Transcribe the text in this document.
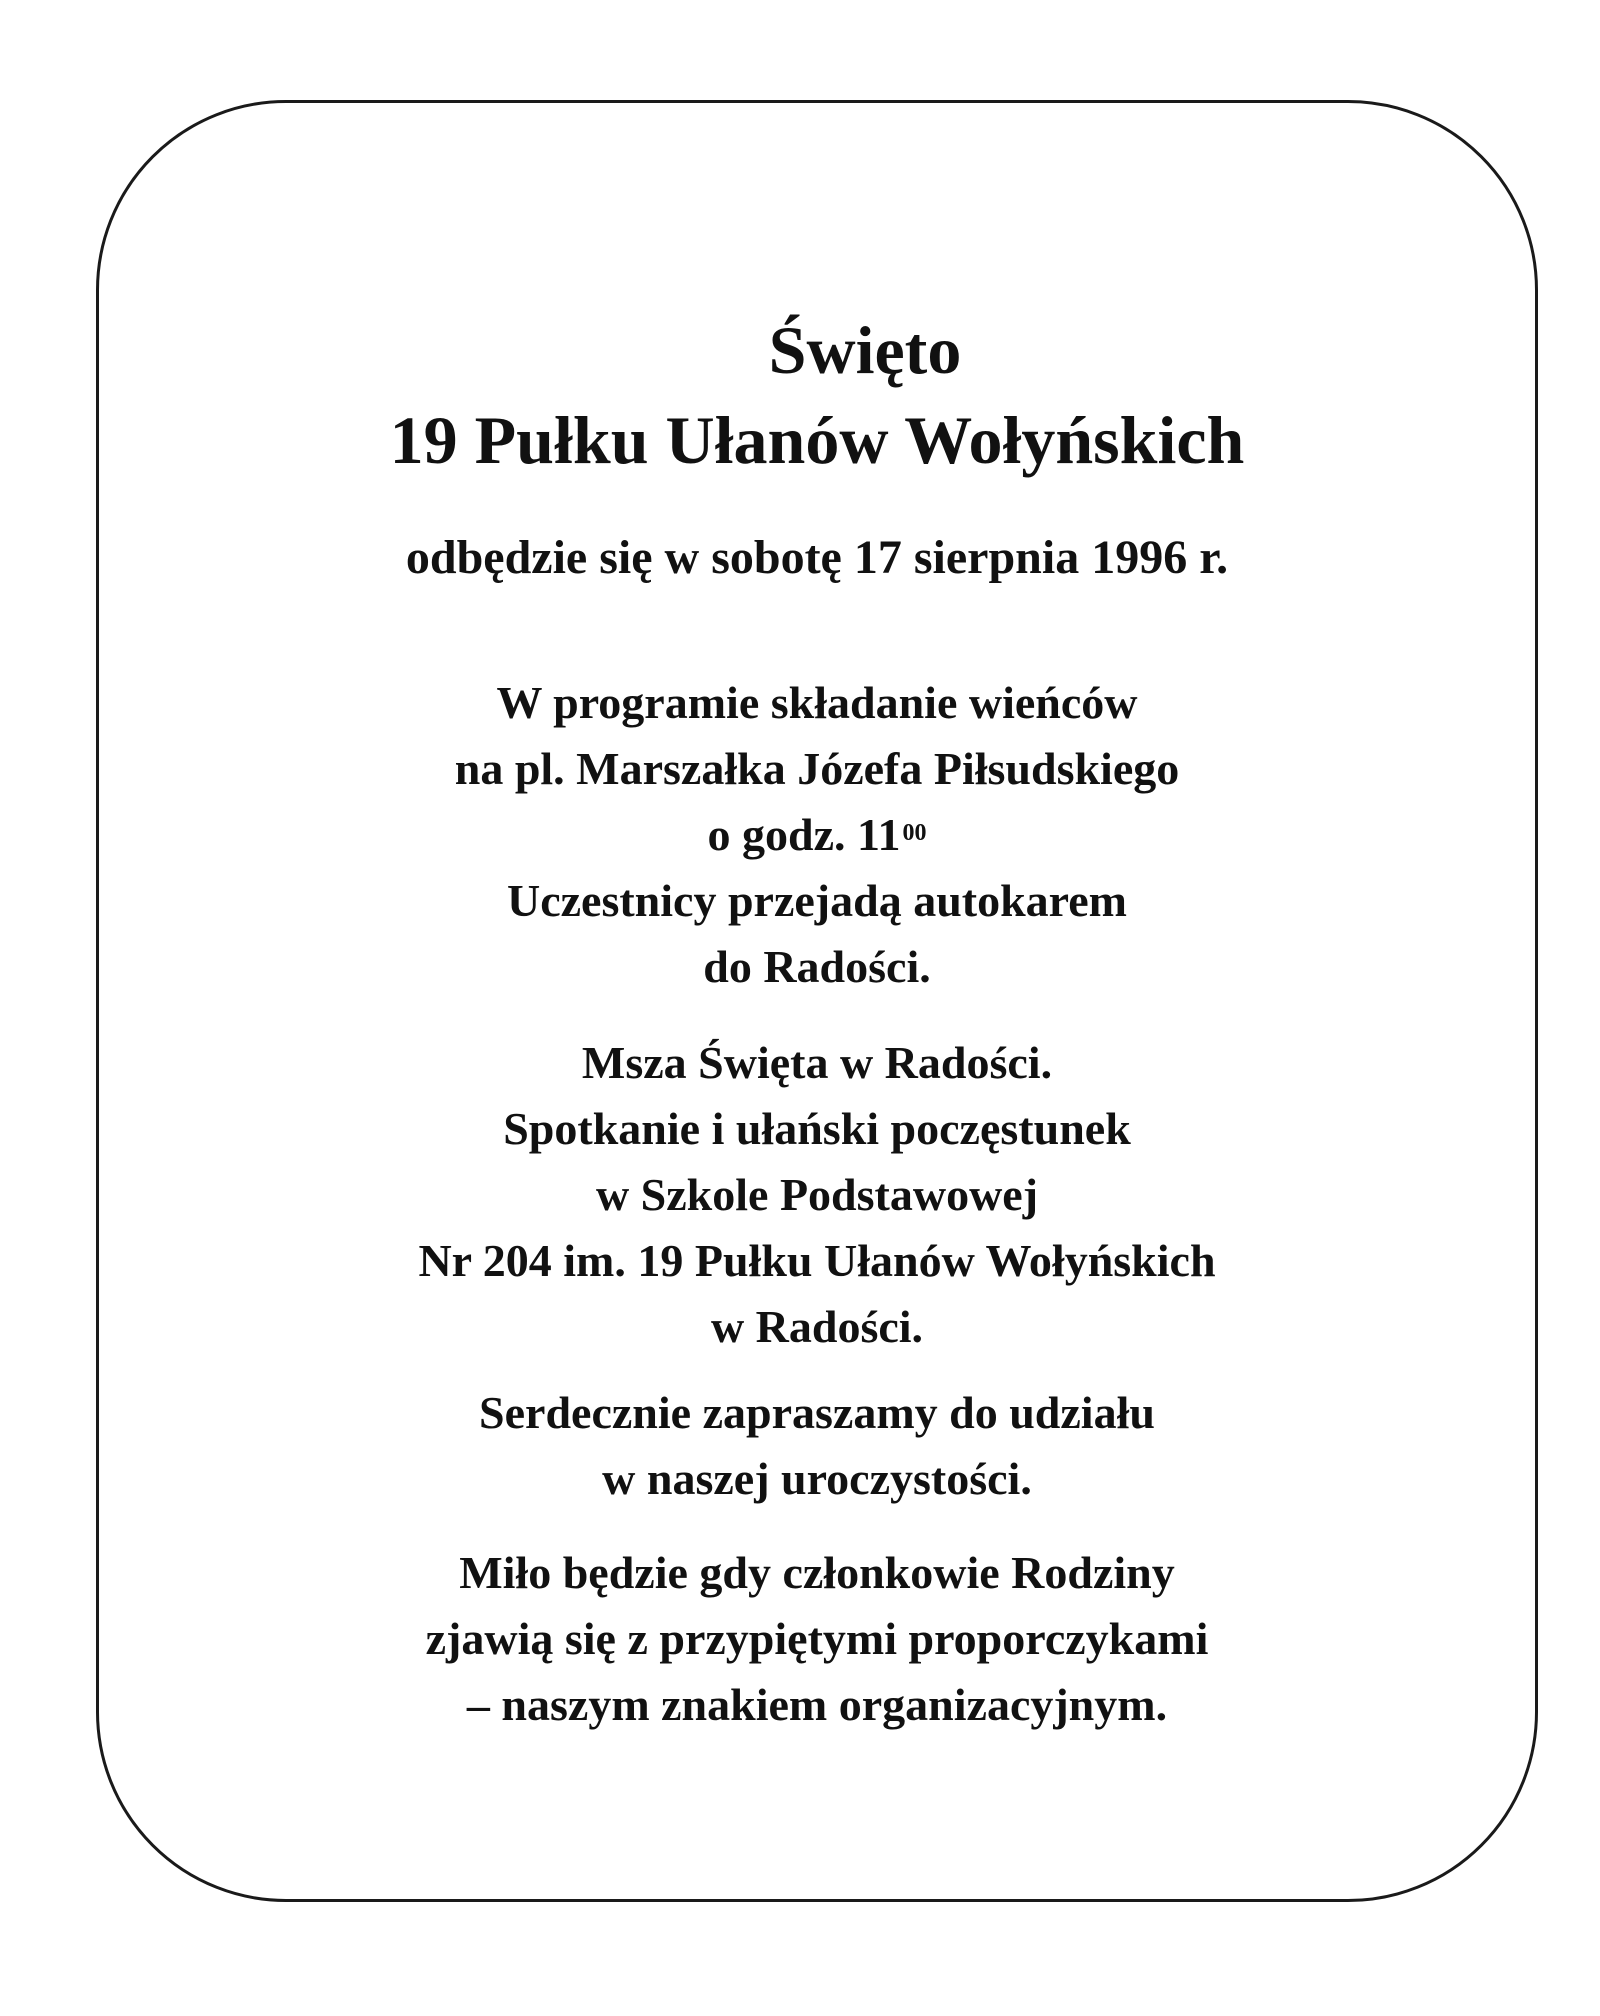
Święto
19 Pułku Ułanów Wołyńskich

odbędzie się w sobotę 17 sierpnia 1996 r.

W programie składanie wieńców
na pl. Marszałka Józefa Piłsudskiego
o godz. $11^{00}$
Uczestnicy przejadą autokarem
do Radości.
Msza Święta w Radości.
Spotkanie i ułański poczęstunek
w Szkole Podstawowej
Nr 204 im. 19 Pułku Ułanów Wołyńskich
w Radości.
Serdecznie zapraszamy do udziału
w naszej uroczystości.
Miło będzie gdy członkowie Rodziny
zjawią się z przypiętymi proporczykami
– naszym znakiem organizacyjnym.
